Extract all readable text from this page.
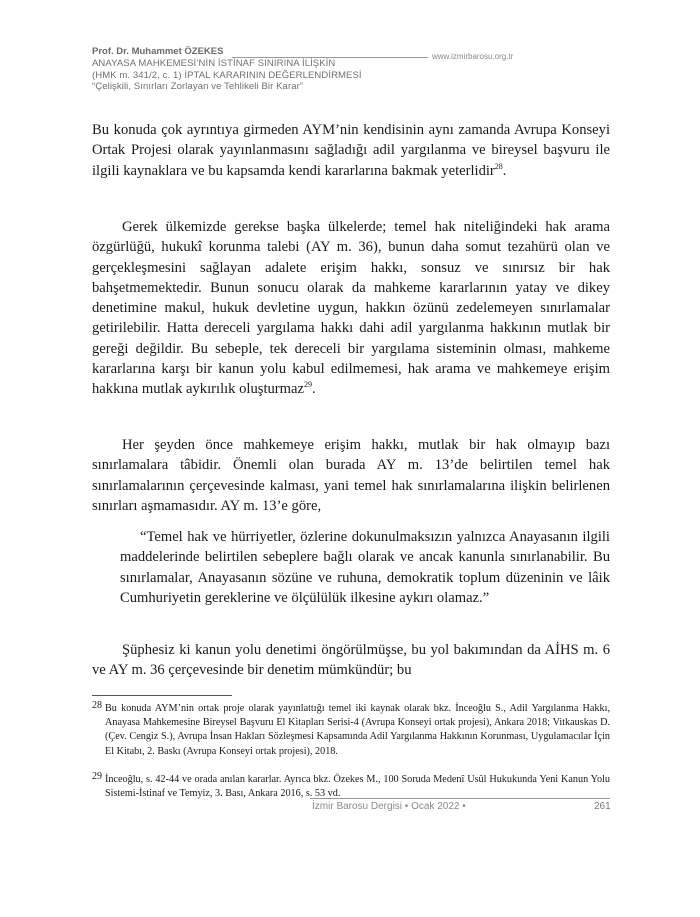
Prof. Dr. Muhammet ÖZEKES
ANAYASA MAHKEMESİ’NİN İSTİNAF SINIRINA İLİŞKİN
(HMK m. 341/2, c. 1) İPTAL KARARININ DEĞERLENDİRMESİ
“Çelişkili, Sınırları Zorlayan ve Tehlikeli Bir Karar”
www.izmirbarosu.org.tr

Bu konuda çok ayrıntıya girmeden AYM’nin kendisinin aynı zamanda Avrupa Konseyi Ortak Projesi olarak yayınlanmasını sağladığı adil yargılanma ve bireysel başvuru ile ilgili kaynaklara ve bu kapsamda kendi kararlarına bakmak yeterlidir$^{28}$.

Gerek ülkemizde gerekse başka ülkelerde; temel hak niteliğindeki hak arama özgürlüğü, hukukî korunma talebi (AY m. 36), bunun daha somut tezahürü olan ve gerçekleşmesini sağlayan adalete erişim hakkı, sonsuz ve sınırsız bir hak bahşetmemektedir. Bunun sonucu olarak da mahkeme kararlarının yatay ve dikey denetimine makul, hukuk devletine uygun, hakkın özünü zedelemeyen sınırlamalar getirilebilir. Hatta dereceli yargılama hakkı dahi adil yargılanma hakkının mutlak bir gereği değildir. Bu sebeple, tek dereceli bir yargılama sisteminin olması, mahkeme kararlarına karşı bir kanun yolu kabul edilmemesi, hak arama ve mahkemeye erişim hakkına mutlak aykırılık oluşturmaz$^{29}$.

Her şeyden önce mahkemeye erişim hakkı, mutlak bir hak olmayıp bazı sınırlamalara tâbidir. Önemli olan burada AY m. 13’de belirtilen temel hak sınırlamalarının çerçevesinde kalması, yani temel hak sınırlamalarına ilişkin belirlenen sınırları aşmamasıdır. AY m. 13’e göre,

“Temel hak ve hürriyetler, özlerine dokunulmaksızın yalnızca Anayasanın ilgili maddelerinde belirtilen sebeplere bağlı olarak ve ancak kanunla sınırlanabilir. Bu sınırlamalar, Anayasanın sözüne ve ruhuna, demokratik toplum düzeninin ve lâik Cumhuriyetin gereklerine ve ölçülülük ilkesine aykırı olamaz.”

Şüphesiz ki kanun yolu denetimi öngörülmüşse, bu yol bakımından da AİHS m. 6 ve AY m. 36 çerçevesinde bir denetim mümkündür; bu

28 Bu konuda AYM’nin ortak proje olarak yayınlattığı temel iki kaynak olarak bkz. İnceoğlu S., Adil Yargılanma Hakkı, Anayasa Mahkemesine Bireysel Başvuru El Kitapları Serisi-4 (Avrupa Konseyi ortak projesi), Ankara 2018; Vitkauskas D. (Çev. Cengiz S.), Avrupa İnsan Hakları Sözleşmesi Kapsamında Adil Yargılanma Hakkının Korunması, Uygulamacılar İçin El Kitabı, 2. Baskı (Avrupa Konseyi ortak projesi), 2018.
29 İnceoğlu, s. 42-44 ve orada anılan kararlar. Ayrıca bkz. Özekes M., 100 Soruda Medenî Usûl Hukukunda Yeni Kanun Yolu Sistemi-İstinaf ve Temyiz, 3. Bası, Ankara 2016, s. 53 vd.
İzmir Barosu Dergisi • Ocak 2022 •	261
